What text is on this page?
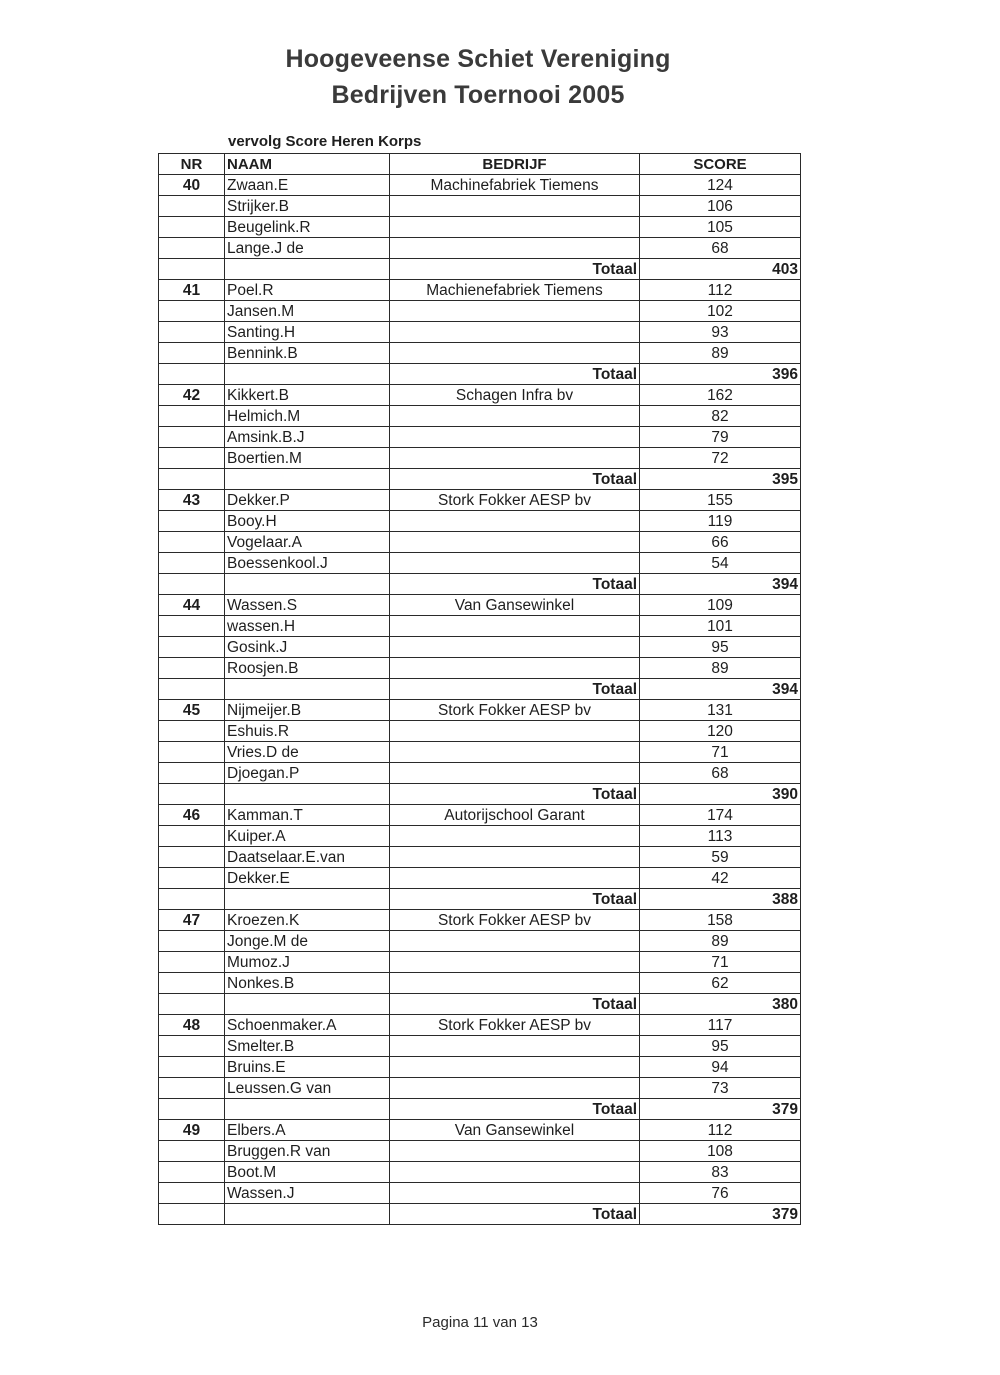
Hoogeveense Schiet Vereniging
Bedrijven Toernooi 2005
vervolg Score Heren Korps
NR	NAAM	BEDRIJF	SCORE
40	Zwaan.E	Machinefabriek Tiemens	124
	Strijker.B		106
	Beugelink.R		105
	Lange.J de		68
		Totaal	403
41	Poel.R	Machienefabriek Tiemens	112
	Jansen.M		102
	Santing.H		93
	Bennink.B		89
		Totaal	396
42	Kikkert.B	Schagen Infra bv	162
	Helmich.M		82
	Amsink.B.J		79
	Boertien.M		72
		Totaal	395
43	Dekker.P	Stork Fokker AESP bv	155
	Booy.H		119
	Vogelaar.A		66
	Boessenkool.J		54
		Totaal	394
44	Wassen.S	Van Gansewinkel	109
	wassen.H		101
	Gosink.J		95
	Roosjen.B		89
		Totaal	394
45	Nijmeijer.B	Stork Fokker AESP bv	131
	Eshuis.R		120
	Vries.D de		71
	Djoegan.P		68
		Totaal	390
46	Kamman.T	Autorijschool Garant	174
	Kuiper.A		113
	Daatselaar.E.van		59
	Dekker.E		42
		Totaal	388
47	Kroezen.K	Stork Fokker AESP bv	158
	Jonge.M de		89
	Mumoz.J		71
	Nonkes.B		62
		Totaal	380
48	Schoenmaker.A	Stork Fokker AESP bv	117
	Smelter.B		95
	Bruins.E		94
	Leussen.G van		73
		Totaal	379
49	Elbers.A	Van Gansewinkel	112
	Bruggen.R van		108
	Boot.M		83
	Wassen.J		76
		Totaal	379
Pagina 11 van 13
